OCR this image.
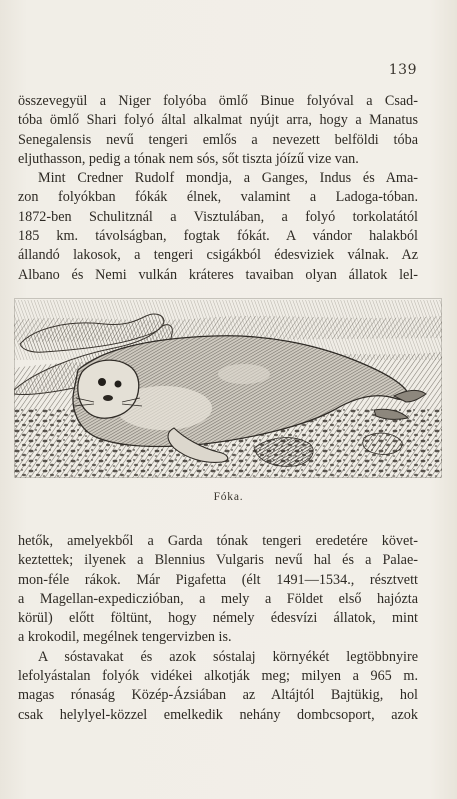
139
összevegyül a Niger folyóba ömlő Binue folyóval a Csad-
tóba ömlő Shari folyó által alkalmat nyújt arra, hogy a Manatus
Senegalensis nevű tengeri emlős a nevezett belföldi tóba
eljuthasson, pedig a tónak nem sós, sőt tiszta jóízű vize van.
Mint Credner Rudolf mondja, a Ganges, Indus és Ama-
zon folyókban fókák élnek, valamint a Ladoga-tóban.
1872-ben Schulitznál a Visztulában, a folyó torkolatától
185 km. távolságban, fogtak fókát. A vándor halakból
állandó lakosok, a tengeri csigákból édesviziek válnak. Az
Albano és Nemi vulkán kráteres tavaiban olyan állatok lel-
Fóka.
hetők, amelyekből a Garda tónak tengeri eredetére követ-
keztettek; ilyenek a Blennius Vulgaris nevű hal és a Palae-
mon-féle rákok. Már Pigafetta (élt 1491—1534., résztvett
a Magellan-expediczióban, a mely a Földet első hajózta
körül) előtt föltünt, hogy némely édesvízi állatok, mint
a krokodil, megélnek tengervizben is.
A sóstavakat és azok sóstalaj környékét legtöbbnyire
lefolyástalan folyók vidékei alkotják meg; milyen a 965 m.
magas rónaság Közép-Ázsiában az Altájtól Bajtükig, hol
csak helylyel-közzel emelkedik nehány dombcsoport, azok
